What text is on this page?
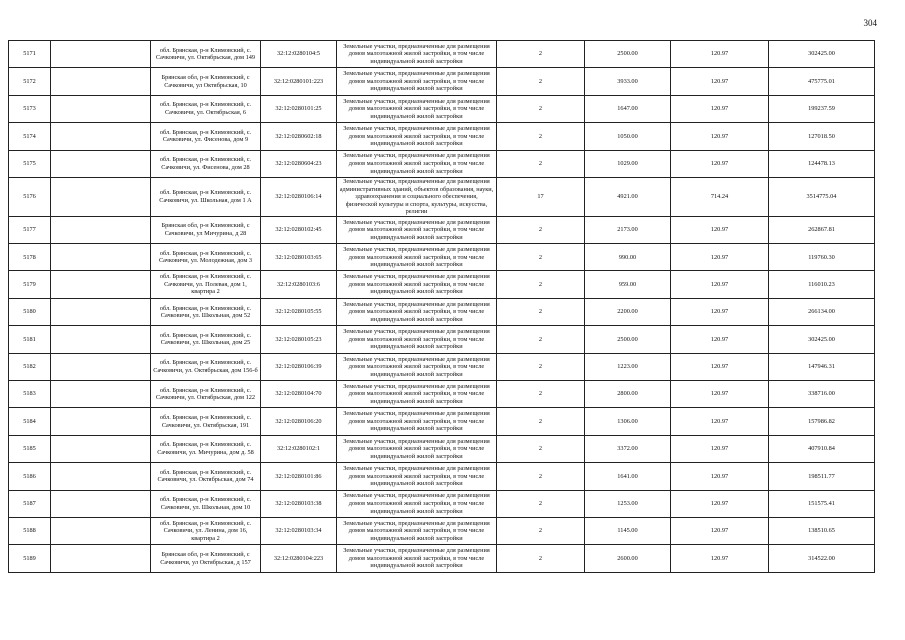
304
5171		обл. Брянская, р-н Климовский, с. Сачковичи, ул. Октябрьская, дом 149	32:12:0280104:5	Земельные участки, предназначенные для размещения домов малоэтажной жилой застройки, в том числе индивидуальной жилой застройки	2	2500.00	120.97	302425.00
5172		Брянская обл, р-н Климовский, с Сачковичи, ул Октябрьская, 10	32:12:0280101:223	Земельные участки, предназначенные для размещения домов малоэтажной жилой застройки, в том числе индивидуальной жилой застройки	2	3933.00	120.97	475775.01
5173		обл. Брянская, р-н Климовский, с. Сачковичи, ул. Октябрьская, 6	32:12:0280101:25	Земельные участки, предназначенные для размещения домов малоэтажной жилой застройки, в том числе индивидуальной жилой застройки	2	1647.00	120.97	199237.59
5174		обл. Брянская, р-н Климовский, с. Сачковичи, ул. Фисенова, дом 9	32:12:0280602:18	Земельные участки, предназначенные для размещения домов малоэтажной жилой застройки, в том числе индивидуальной жилой застройки	2	1050.00	120.97	127018.50
5175		обл. Брянская, р-н Климовский, с. Сачковичи, ул. Фисенова, дом 28	32:12:0280604:23	Земельные участки, предназначенные для размещения домов малоэтажной жилой застройки, в том числе индивидуальной жилой застройки	2	1029.00	120.97	124478.13
5176		обл. Брянская, р-н Климовский, с. Сачковичи, ул. Школьная, дом 1 А	32:12:0280106:14	Земельные участки, предназначенные для размещения административных зданий, объектов образования, науки, здравоохранения и социального обеспечения, физической культуры и спорта, культуры, искусства, религии	17	4921.00	714.24	3514775.04
5177		Брянская обл, р-н Климовский, с Сачковичи, ул Мичурина, д 28	32:12:0280102:45	Земельные участки, предназначенные для размещения домов малоэтажной жилой застройки, в том числе индивидуальной жилой застройки	2	2173.00	120.97	262867.81
5178		обл. Брянская, р-н Климовский, с. Сачковичи, ул. Молодежная, дом 3	32:12:0280103:65	Земельные участки, предназначенные для размещения домов малоэтажной жилой застройки, в том числе индивидуальной жилой застройки	2	990.00	120.97	119760.30
5179		обл. Брянская, р-н Климовский, с. Сачковичи, ул. Полевая, дом 1, квартира 2	32:12:0280103:6	Земельные участки, предназначенные для размещения домов малоэтажной жилой застройки, в том числе индивидуальной жилой застройки	2	959.00	120.97	116010.23
5180		обл. Брянская, р-н Климовский, с. Сачковичи, ул. Школьная, дом 52	32:12:0280105:55	Земельные участки, предназначенные для размещения домов малоэтажной жилой застройки, в том числе индивидуальной жилой застройки	2	2200.00	120.97	266134.00
5181		обл. Брянская, р-н Климовский, с. Сачковичи, ул. Школьная, дом 25	32:12:0280105:23	Земельные участки, предназначенные для размещения домов малоэтажной жилой застройки, в том числе индивидуальной жилой застройки	2	2500.00	120.97	302425.00
5182		обл. Брянская, р-н Климовский, с. Сачковичи, ул. Октябрьская, дом 156-б	32:12:0280106:39	Земельные участки, предназначенные для размещения домов малоэтажной жилой застройки, в том числе индивидуальной жилой застройки	2	1223.00	120.97	147946.31
5183		обл. Брянская, р-н Климовский, с. Сачковичи, ул. Октябрьская, дом 122	32:12:0280104:70	Земельные участки, предназначенные для размещения домов малоэтажной жилой застройки, в том числе индивидуальной жилой застройки	2	2800.00	120.97	338716.00
5184		обл. Брянская, р-н Климовский, с. Сачковичи, ул. Октябрьская, 191	32:12:0280106:20	Земельные участки, предназначенные для размещения домов малоэтажной жилой застройки, в том числе индивидуальной жилой застройки	2	1306.00	120.97	157986.82
5185		обл. Брянская, р-н Климовский, с. Сачковичи, ул. Мичурина, дом д. 58	32:12:0280102:1	Земельные участки, предназначенные для размещения домов малоэтажной жилой застройки, в том числе индивидуальной жилой застройки	2	3372.00	120.97	407910.84
5186		обл. Брянская, р-н Климовский, с. Сачковичи, ул. Октябрьская, дом 74	32:12:0280101:86	Земельные участки, предназначенные для размещения домов малоэтажной жилой застройки, в том числе индивидуальной жилой застройки	2	1641.00	120.97	198511.77
5187		обл. Брянская, р-н Климовский, с. Сачковичи, ул. Школьная, дом 10	32:12:0280103:38	Земельные участки, предназначенные для размещения домов малоэтажной жилой застройки, в том числе индивидуальной жилой застройки	2	1253.00	120.97	151575.41
5188		обл. Брянская, р-н Климовский, с. Сачковичи, ул. Ленина, дом 16, квартира 2	32:12:0280103:34	Земельные участки, предназначенные для размещения домов малоэтажной жилой застройки, в том числе индивидуальной жилой застройки	2	1145.00	120.97	138510.65
5189		Брянская обл, р-н Климовский, с Сачковичи, ул Октябрьская, д 157	32:12:0280104:223	Земельные участки, предназначенные для размещения домов малоэтажной жилой застройки, в том числе индивидуальной жилой застройки	2	2600.00	120.97	314522.00
